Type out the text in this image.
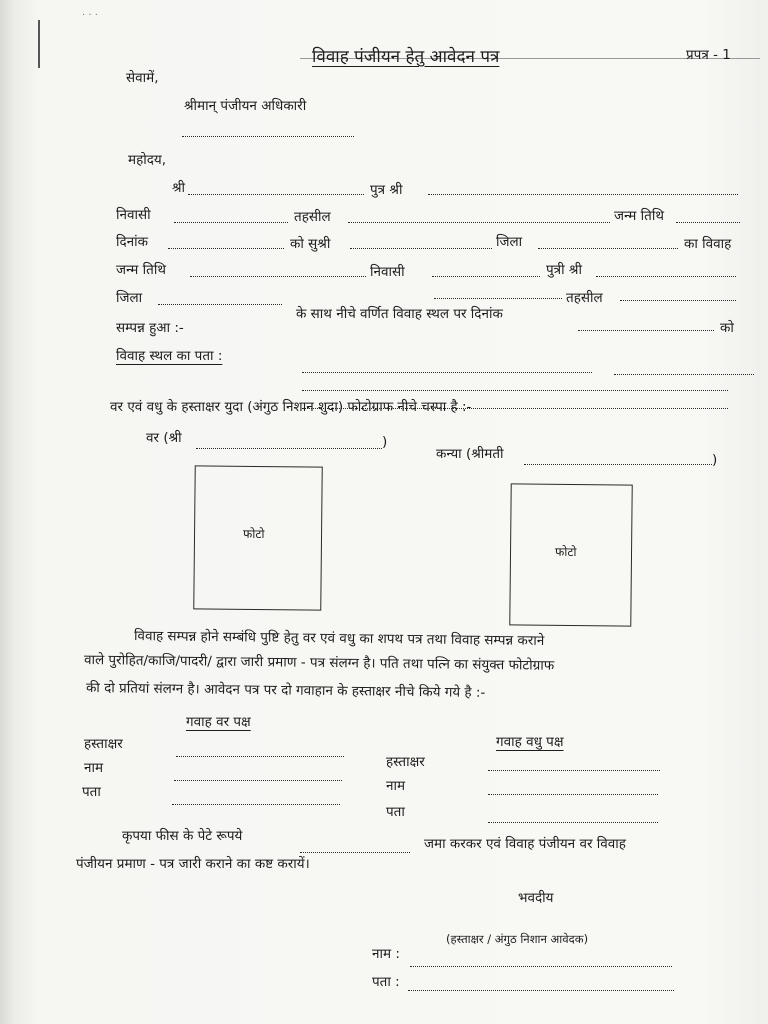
· · ·
विवाह पंजीयन हेतु आवेदन पत्र	प्रपत्र - 1
सेवामें,
श्रीमान् पंजीयन अधिकारी
महोदय,
श्री	पुत्र श्री
निवासी	तहसील	जन्म तिथि
दिनांक	को सुश्री	जिला	का विवाह
जन्म तिथि	निवासी	पुत्री श्री
जिला	तहसील
के साथ नीचे वर्णित विवाह स्थल पर दिनांक
को
सम्पन्न हुआ :-
विवाह स्थल का पता :
वर एवं वधु के हस्ताक्षर युदा (अंगुठ निशान शुदा) फोटोग्राफ नीचे चस्पा है :-
वर (श्री	)
कन्या (श्रीमती	)
फोटो
फोटो
विवाह सम्पन्न होने सम्बंधि पुष्टि हेतु वर एवं वधु का शपथ पत्र तथा विवाह सम्पन्न कराने
वाले पुरोहित/काजि/पादरी/ द्वारा जारी प्रमाण - पत्र संलग्न है। पति तथा पत्नि का संयुक्त फोटोग्राफ
की दो प्रतियां संलग्न है। आवेदन पत्र पर दो गवाहान के हस्ताक्षर नीचे किये गये है :-
गवाह वर पक्ष
गवाह वधु पक्ष
हस्ताक्षर
नाम
पता
हस्ताक्षर
नाम
पता
कृपया फीस के पेटे रूपये	जमा करकर एवं विवाह पंजीयन वर विवाह
पंजीयन प्रमाण - पत्र जारी कराने का कष्ट करायें।
भवदीय
(हस्ताक्षर / अंगुठ निशान आवेदक)
नाम :
पता :
